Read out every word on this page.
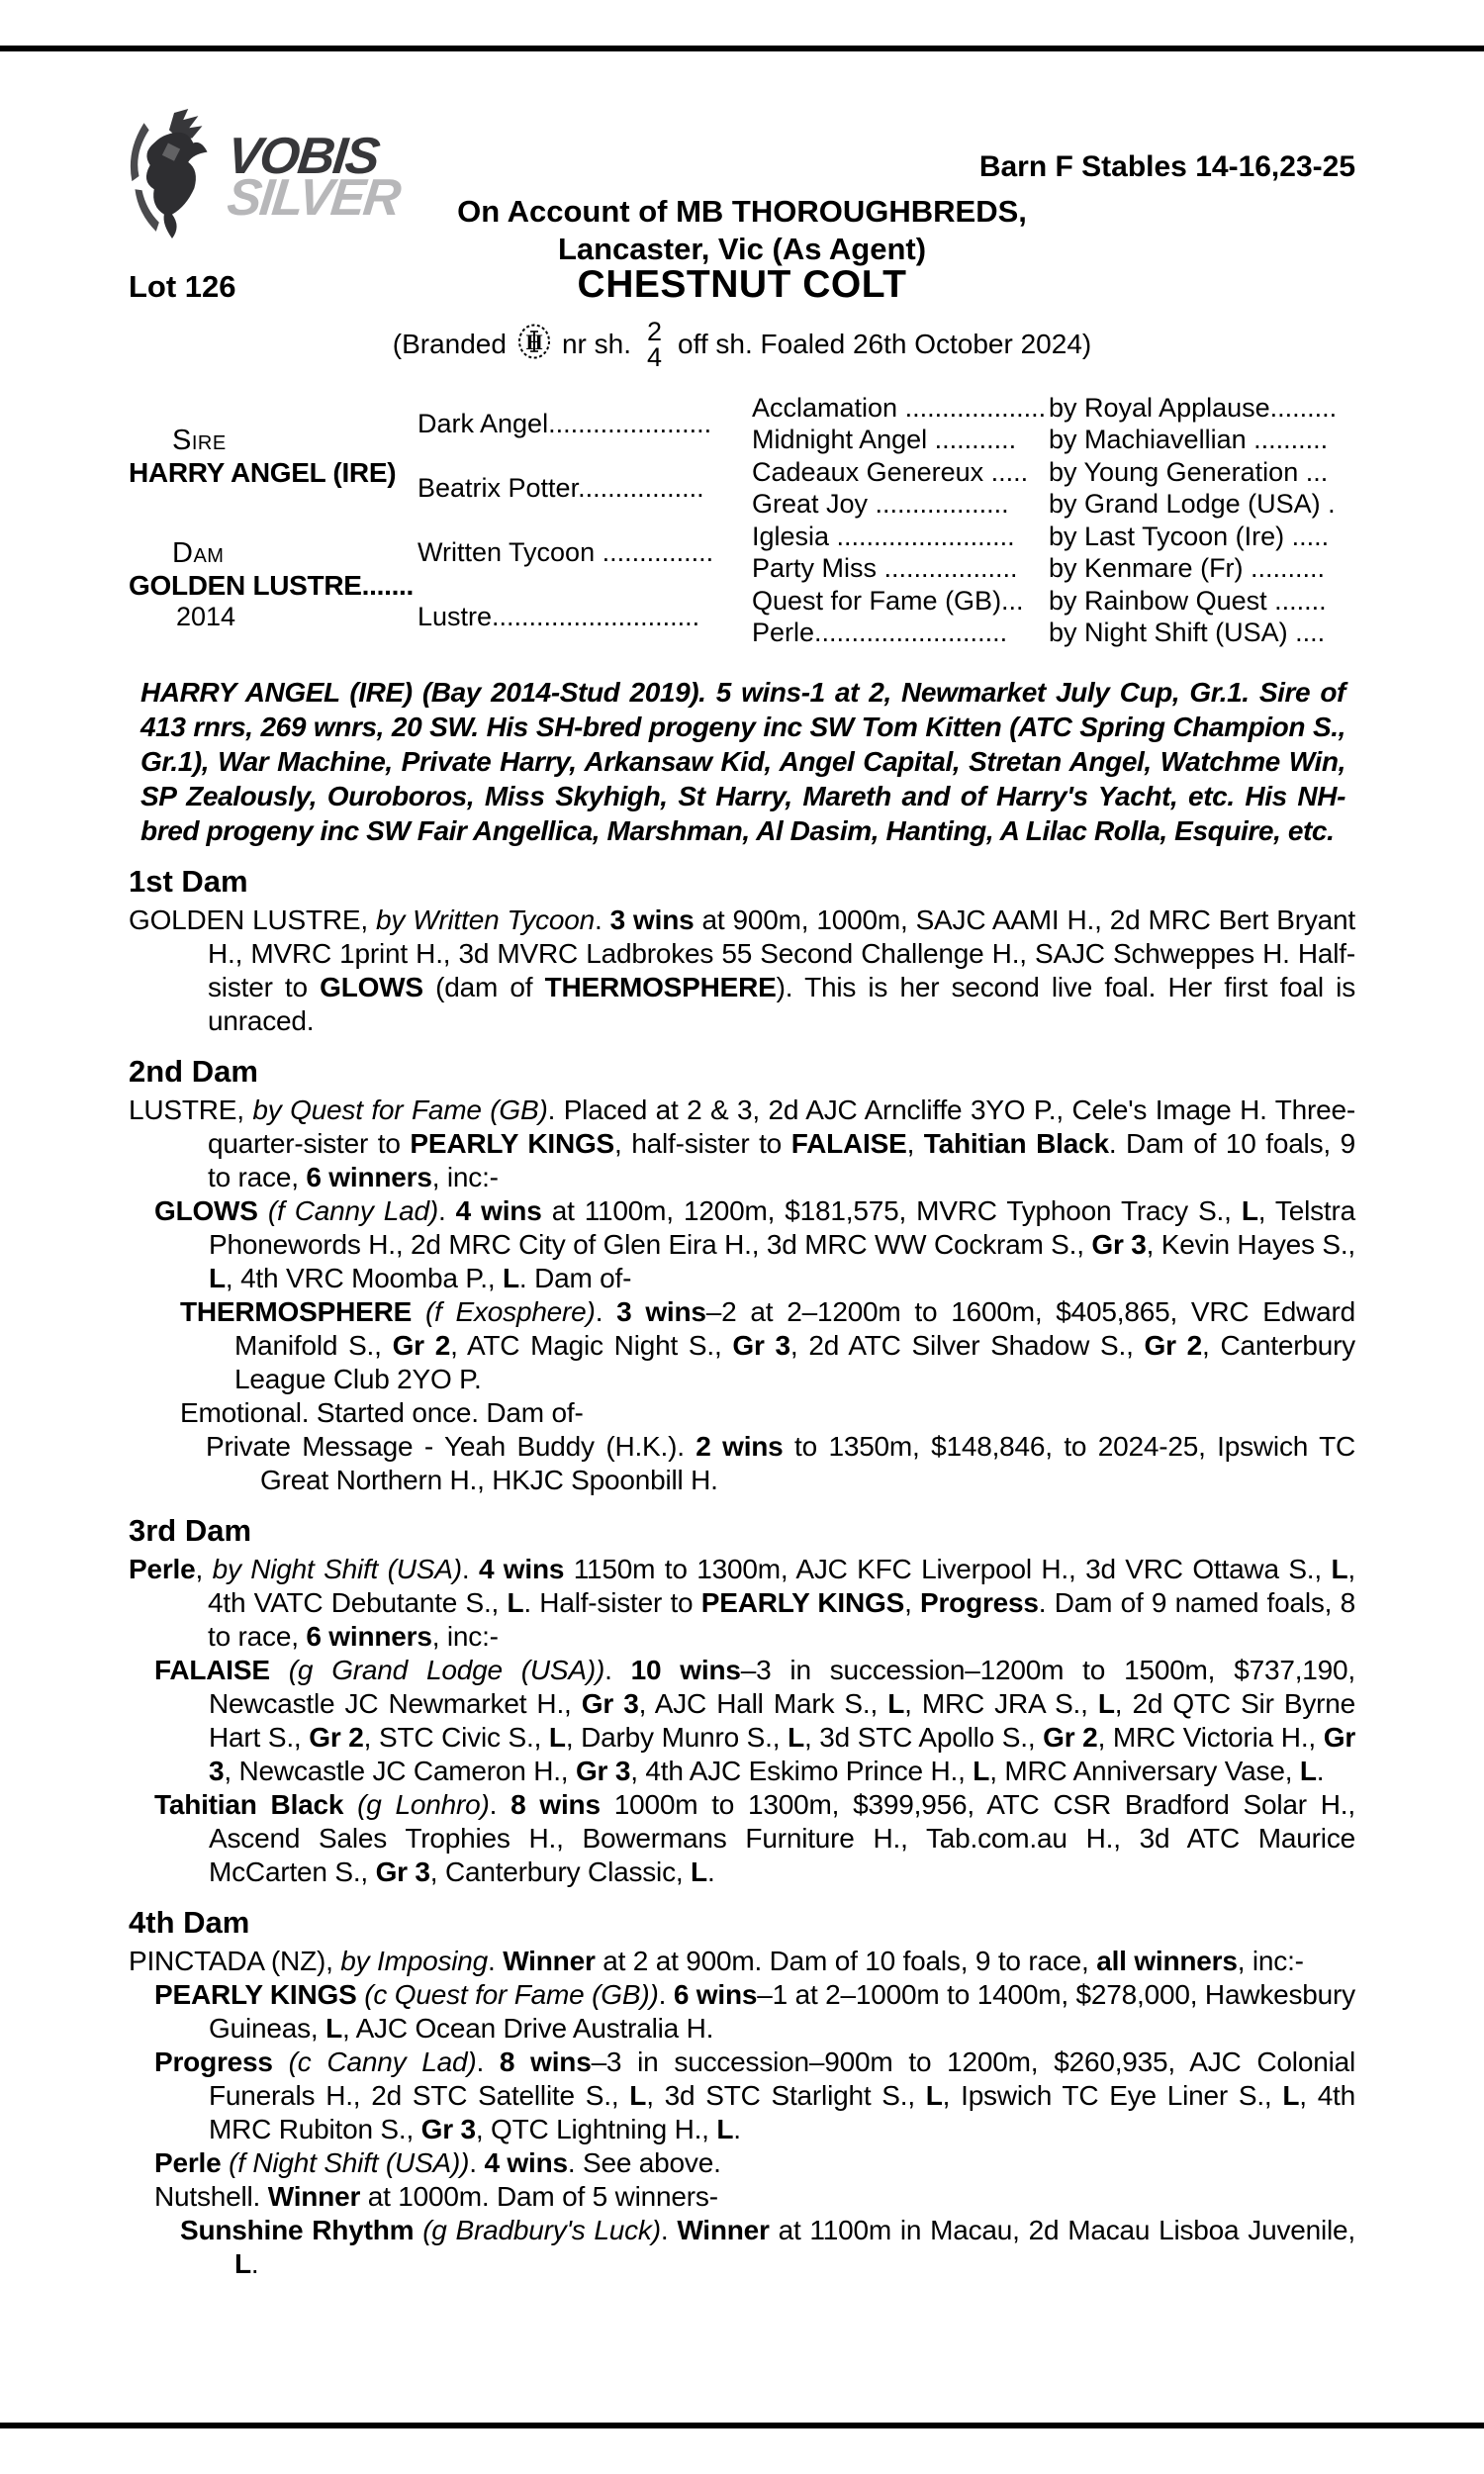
VOBIS
SILVER
Barn F Stables 14-16,23-25
On Account of MB THOROUGHBREDS,
Lancaster, Vic (As Agent)
Lot 126	CHESTNUT COLT
(Branded H nr sh. 2
4 off sh. Foaled 26th October 2024)
Sire
HARRY ANGEL (IRE)
Dam
GOLDEN LUSTRE.......
2014
Dark Angel......................
Beatrix Potter.................
Written Tycoon ...............
Lustre............................
Acclamation ................... by Royal Applause.........
Midnight Angel ...........	by Machiavellian ..........
Cadeaux Genereux ..... by Young Generation ...
Great Joy ..................	by Grand Lodge (USA) .
Iglesia ........................	by Last Tycoon (Ire) .....
Party Miss ..................	by Kenmare (Fr) ..........
Quest for Fame (GB)... by Rainbow Quest .......
Perle..........................	by Night Shift (USA) ....
HARRY ANGEL (IRE) (Bay 2014-Stud 2019). 5 wins-1 at 2, Newmarket July Cup, Gr.1. Sire of 413 rnrs, 269 wnrs, 20 SW. His SH-bred progeny inc SW Tom Kitten (ATC Spring Champion S., Gr.1), War Machine, Private Harry, Arkansaw Kid, Angel Capital, Stretan Angel, Watchme Win, SP Zealously, Ouroboros, Miss Skyhigh, St Harry, Mareth and of Harry's Yacht, etc. His NH-bred progeny inc SW Fair Angellica, Marshman, Al Dasim, Hanting, A Lilac Rolla, Esquire, etc.
1st Dam
GOLDEN LUSTRE, by Written Tycoon. 3 wins at 900m, 1000m, SAJC AAMI H., 2d MRC Bert Bryant H., MVRC 1print H., 3d MVRC Ladbrokes 55 Second Challenge H., SAJC Schweppes H. Half-sister to GLOWS (dam of THERMOSPHERE). This is her second live foal. Her first foal is unraced.
2nd Dam
LUSTRE, by Quest for Fame (GB). Placed at 2 & 3, 2d AJC Arncliffe 3YO P., Cele's Image H. Three-quarter-sister to PEARLY KINGS, half-sister to FALAISE, Tahitian Black. Dam of 10 foals, 9 to race, 6 winners, inc:-
GLOWS (f Canny Lad). 4 wins at 1100m, 1200m, $181,575, MVRC Typhoon Tracy S., L, Telstra Phonewords H., 2d MRC City of Glen Eira H., 3d MRC WW Cockram S., Gr 3, Kevin Hayes S., L, 4th VRC Moomba P., L. Dam of-
THERMOSPHERE (f Exosphere). 3 wins–2 at 2–1200m to 1600m, $405,865, VRC Edward Manifold S., Gr 2, ATC Magic Night S., Gr 3, 2d ATC Silver Shadow S., Gr 2, Canterbury League Club 2YO P.
Emotional. Started once. Dam of-
Private Message - Yeah Buddy (H.K.). 2 wins to 1350m, $148,846, to 2024-25, Ipswich TC Great Northern H., HKJC Spoonbill H.
3rd Dam
Perle, by Night Shift (USA). 4 wins 1150m to 1300m, AJC KFC Liverpool H., 3d VRC Ottawa S., L, 4th VATC Debutante S., L. Half-sister to PEARLY KINGS, Progress. Dam of 9 named foals, 8 to race, 6 winners, inc:-
FALAISE (g Grand Lodge (USA)). 10 wins–3 in succession–1200m to 1500m, $737,190, Newcastle JC Newmarket H., Gr 3, AJC Hall Mark S., L, MRC JRA S., L, 2d QTC Sir Byrne Hart S., Gr 2, STC Civic S., L, Darby Munro S., L, 3d STC Apollo S., Gr 2, MRC Victoria H., Gr 3, Newcastle JC Cameron H., Gr 3, 4th AJC Eskimo Prince H., L, MRC Anniversary Vase, L.
Tahitian Black (g Lonhro). 8 wins 1000m to 1300m, $399,956, ATC CSR Bradford Solar H., Ascend Sales Trophies H., Bowermans Furniture H., Tab.com.au H., 3d ATC Maurice McCarten S., Gr 3, Canterbury Classic, L.
4th Dam
PINCTADA (NZ), by Imposing. Winner at 2 at 900m. Dam of 10 foals, 9 to race, all winners, inc:-
PEARLY KINGS (c Quest for Fame (GB)). 6 wins–1 at 2–1000m to 1400m, $278,000, Hawkesbury Guineas, L, AJC Ocean Drive Australia H.
Progress (c Canny Lad). 8 wins–3 in succession–900m to 1200m, $260,935, AJC Colonial Funerals H., 2d STC Satellite S., L, 3d STC Starlight S., L, Ipswich TC Eye Liner S., L, 4th MRC Rubiton S., Gr 3, QTC Lightning H., L.
Perle (f Night Shift (USA)). 4 wins. See above.
Nutshell. Winner at 1000m. Dam of 5 winners-
Sunshine Rhythm (g Bradbury's Luck). Winner at 1100m in Macau, 2d Macau Lisboa Juvenile, L.
